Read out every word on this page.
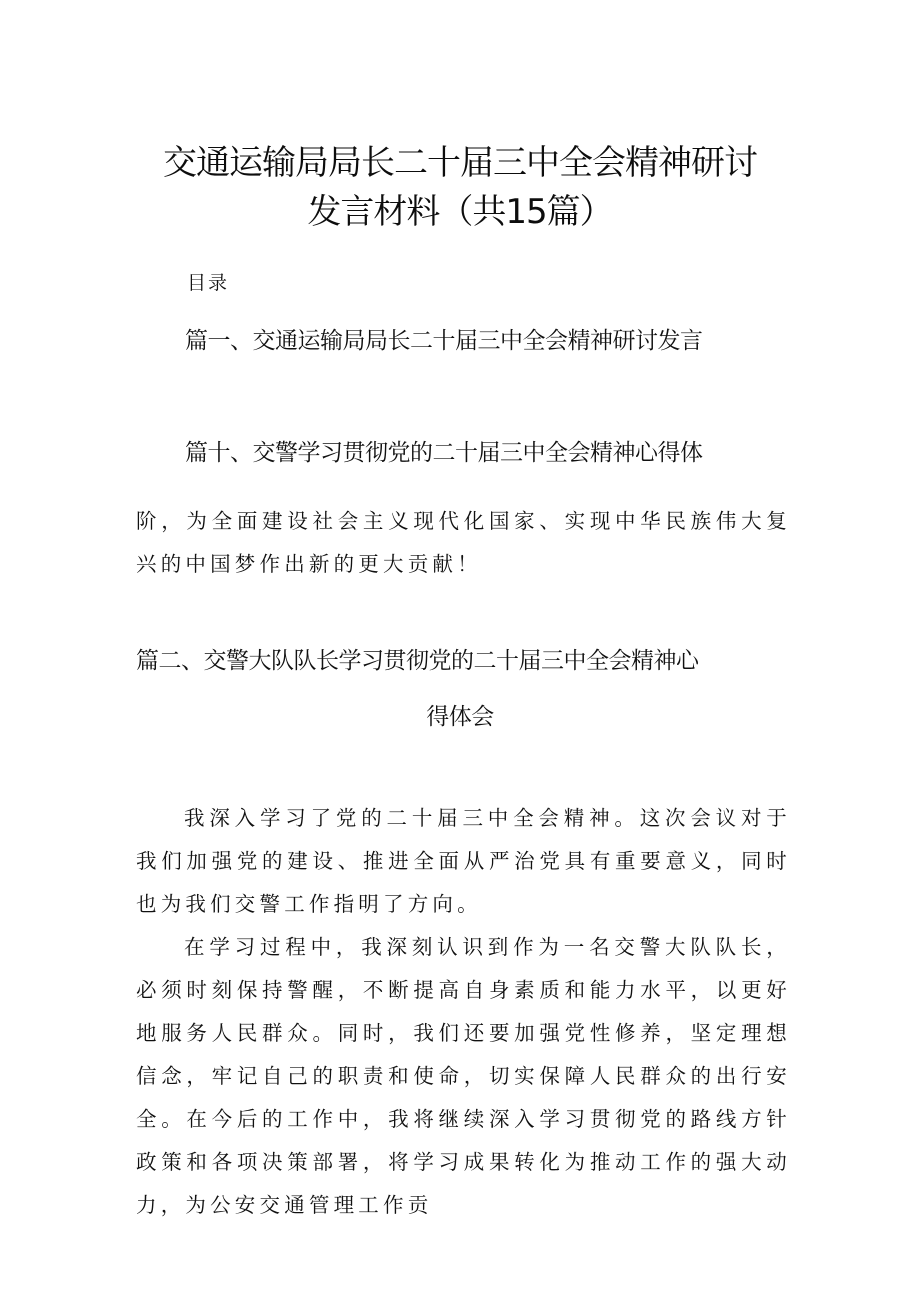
交通运输局局长二十届三中全会精神研讨
发言材料（共15篇）
目录
篇一、交通运输局局长二十届三中全会精神研讨发言
篇十、交警学习贯彻党的二十届三中全会精神心得体

阶，为全面建设社会主义现代化国家、实现中华民族伟大复兴的中国梦作出新的更大贡献！

篇二、交警大队队长学习贯彻党的二十届三中全会精神心
得体会

我深入学习了党的二十届三中全会精神。这次会议对于我们加强党的建设、推进全面从严治党具有重要意义，同时也为我们交警工作指明了方向。

在学习过程中，我深刻认识到作为一名交警大队队长，必须时刻保持警醒，不断提高自身素质和能力水平，以更好地服务人民群众。同时，我们还要加强党性修养，坚定理想信念，牢记自己的职责和使命，切实保障人民群众的出行安全。在今后的工作中，我将继续深入学习贯彻党的路线方针政策和各项决策部署，将学习成果转化为推动工作的强大动力，为公安交通管理工作贡
